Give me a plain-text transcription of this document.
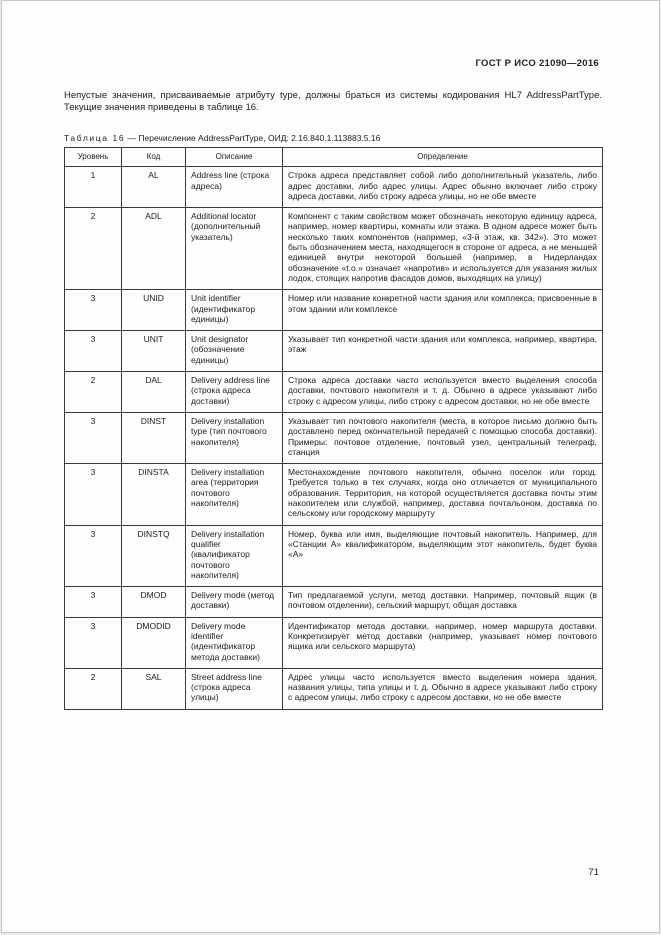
ГОСТ Р ИСО 21090—2016

Непустые значения, присваиваемые атрибуту type, должны браться из системы кодирования HL7 AddressPartType. Текущие значения приведены в таблице 16.

Таблица 16 — Перечисление AddressPartType, ОИД: 2.16.840.1.113883.5.16
Уровень	Код	Описание	Определение
1	AL	Address line (строка адреса)	Строка адреса представляет собой либо дополнительный указатель, либо адрес доставки, либо адрес улицы. Адрес обычно включает либо строку адреса доставки, либо строку адреса улицы, но не обе вместе
2	ADL	Additional locator (дополнительный указатель)	Компонент с таким свойством может обозначать некоторую единицу адреса, например, номер квартиры, комнаты или этажа. В одном адресе может быть несколько таких компонентов (например, «3-й этаж, кв. 342»). Это может быть обозначением места, находящегося в стороне от адреса, а не меньшей единицей внутри некоторой большей (например, в Нидерландах обозначение «t.o.» означает «напротив» и используется для указания жилых лодок, стоящих напротив фасадов домов, выходящих на улицу)
3	UNID	Unit identifier (идентификатор единицы)	Номер или название конкретной части здания или комплекса, присвоенные в этом здании или комплексе
3	UNIT	Unit designator (обозначение единицы)	Указывает тип конкретной части здания или комплекса, например, квартира, этаж
2	DAL	Delivery address line (строка адреса доставки)	Строка адреса доставки часто используется вместо выделения способа доставки, почтового накопителя и т. д. Обычно в адресе указывают либо строку с адресом улицы, либо строку с адресом доставки, но не обе вместе
3	DINST	Delivery installation type (тип почтового накопителя)	Указывает тип почтового накопителя (места, в которое письмо должно быть доставлено перед окончательной передачей с помощью способа доставки). Примеры: почтовое отделение, почтовый узел, центральный телеграф, станция
3	DINSTA	Delivery installation area (территория почтового накопителя)	Местонахождение почтового накопителя, обычно поселок или город. Требуется только в тех случаях, когда оно отличается от муниципального образования. Территория, на которой осуществляется доставка почты этим накопителем или службой, например, доставка почтальоном, доставка по сельскому или городскому маршруту
3	DINSTQ	Delivery installation qualifier (квалификатор почтового накопителя)	Номер, буква или имя, выделяющие почтовый накопитель. Например, для «Станции А» квалификатором, выделяющим этот накопитель, будет буква «А»
3	DMOD	Delivery mode (метод доставки)	Тип предлагаемой услуги, метод доставки. Например, почтовый ящик (в почтовом отделении), сельский маршрут, общая доставка
3	DMODID	Delivery mode identifier (идентификатор метода доставки)	Идентификатор метода доставки, например, номер маршрута доставки. Конкретизирует метод доставки (например, указывает номер почтового ящика или сельского маршрута)
2	SAL	Street address line (строка адреса улицы)	Адрес улицы часто используется вместо выделения номера здания, названия улицы, типа улицы и т. д. Обычно в адресе указывают либо строку с адресом улицы, либо строку с адресом доставки, но не обе вместе
71
